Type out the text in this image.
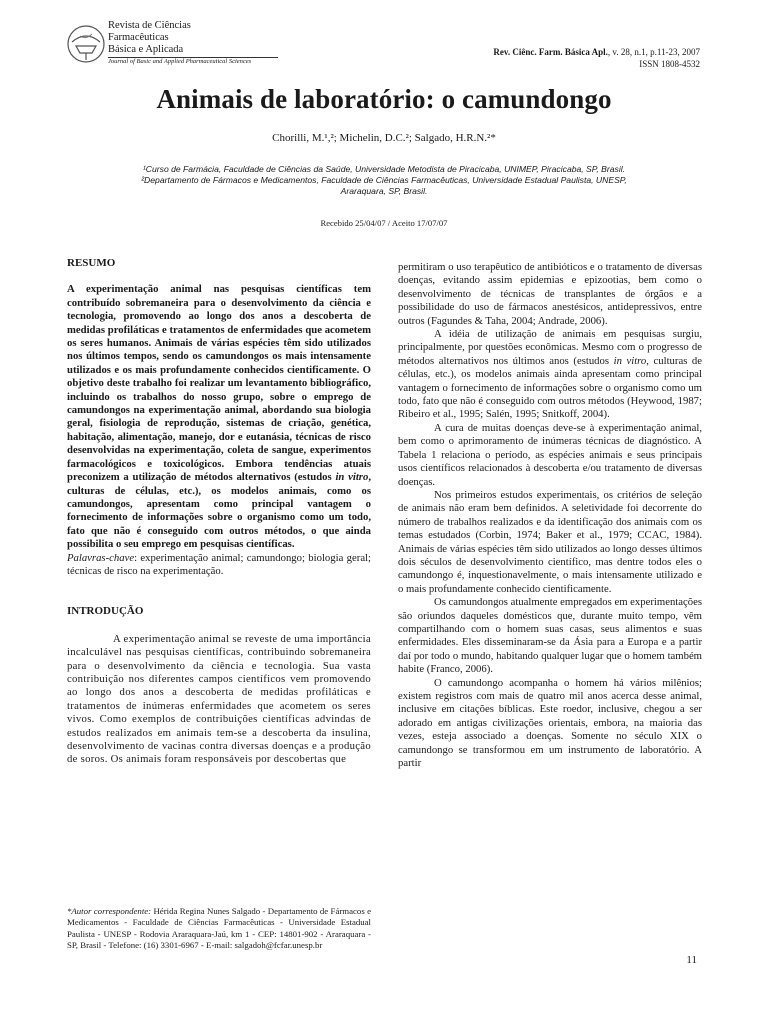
Revista de Ciências
Farmacêuticas
Básica e Aplicada
Journal of Basic and Applied Pharmaceutical Sciences
Rev. Ciênc. Farm. Básica Apl., v. 28, n.1, p.11-23, 2007
ISSN 1808-4532
Animais de laboratório: o camundongo
Chorilli, M.¹,²; Michelin, D.C.²; Salgado, H.R.N.²*
¹Curso de Farmácia, Faculdade de Ciências da Saúde, Universidade Metodista de Piracicaba, UNIMEP, Piracicaba, SP, Brasil.
²Departamento de Fármacos e Medicamentos, Faculdade de Ciências Farmacêuticas, Universidade Estadual Paulista, UNESP,
Araraquara, SP, Brasil.
Recebido 25/04/07 / Aceito 17/07/07
RESUMO

A experimentação animal nas pesquisas científicas tem contribuído sobremaneira para o desenvolvimento da ciência e tecnologia, promovendo ao longo dos anos a descoberta de medidas profiláticas e tratamentos de enfermidades que acometem os seres humanos. Animais de várias espécies têm sido utilizados nos últimos tempos, sendo os camundongos os mais intensamente utilizados e os mais profundamente conhecidos cientificamente. O objetivo deste trabalho foi realizar um levantamento bibliográfico, incluindo os trabalhos do nosso grupo, sobre o emprego de camundongos na experimentação animal, abordando sua biologia geral, fisiologia de reprodução, sistemas de criação, genética, habitação, alimentação, manejo, dor e eutanásia, técnicas de risco desenvolvidas na experimentação, coleta de sangue, experimentos farmacológicos e toxicológicos. Embora tendências atuais preconizem a utilização de métodos alternativos (estudos in vitro, culturas de células, etc.), os modelos animais, como os camundongos, apresentam como principal vantagem o fornecimento de informações sobre o organismo como um todo, fato que não é conseguido com outros métodos, o que ainda possibilita o seu emprego em pesquisas científicas.

Palavras-chave: experimentação animal; camundongo; biologia geral; técnicas de risco na experimentação.

INTRODUÇÃO

A experimentação animal se reveste de uma importância incalculável nas pesquisas científicas, contribuindo sobremaneira para o desenvolvimento da ciência e tecnologia. Sua vasta contribuição nos diferentes campos científicos vem promovendo ao longo dos anos a descoberta de medidas profiláticas e tratamentos de inúmeras enfermidades que acometem os seres vivos. Como exemplos de contribuições científicas advindas de estudos realizados em animais tem-se a descoberta da insulina, desenvolvimento de vacinas contra diversas doenças e a produção de soros. Os animais foram responsáveis por descobertas que

permitiram o uso terapêutico de antibióticos e o tratamento de diversas doenças, evitando assim epidemias e epizootias, bem como o desenvolvimento de técnicas de transplantes de órgãos e a possibilidade do uso de fármacos anestésicos, antidepressivos, entre outros (Fagundes & Taha, 2004; Andrade, 2006).

A idéia de utilização de animais em pesquisas surgiu, principalmente, por questões econômicas. Mesmo com o progresso de métodos alternativos nos últimos anos (estudos in vitro, culturas de células, etc.), os modelos animais ainda apresentam como principal vantagem o fornecimento de informações sobre o organismo como um todo, fato que não é conseguido com outros métodos (Heywood, 1987; Ribeiro et al., 1995; Salén, 1995; Snitkoff, 2004).

A cura de muitas doenças deve-se à experimentação animal, bem como o aprimoramento de inúmeras técnicas de diagnóstico. A Tabela 1 relaciona o período, as espécies animais e seus principais usos científicos relacionados à descoberta e/ou tratamento de diversas doenças.

Nos primeiros estudos experimentais, os critérios de seleção de animais não eram bem definidos. A seletividade foi decorrente do número de trabalhos realizados e da identificação dos animais com os temas estudados (Corbin, 1974; Baker et al., 1979; CCAC, 1984). Animais de várias espécies têm sido utilizados ao longo desses últimos dois séculos de desenvolvimento científico, mas dentre todos eles o camundongo é, inquestionavelmente, o mais intensamente utilizado e o mais profundamente conhecido cientificamente.

Os camundongos atualmente empregados em experimentações são oriundos daqueles domésticos que, durante muito tempo, vêm compartilhando com o homem suas casas, seus alimentos e suas enfermidades. Eles disseminaram-se da Ásia para a Europa e a partir daí por todo o mundo, habitando qualquer lugar que o homem também habite (Franco, 2006).

O camundongo acompanha o homem há vários milênios; existem registros com mais de quatro mil anos acerca desse animal, inclusive em citações bíblicas. Este roedor, inclusive, chegou a ser adorado em antigas civilizações orientais, embora, na maioria das vezes, esteja associado a doenças. Somente no século XIX o camundongo se transformou em um instrumento de laboratório. A partir

*Autor correspondente: Hérida Regina Nunes Salgado - Departamento de Fármacos e Medicamentos - Faculdade de Ciências Farmacêuticas - Universidade Estadual Paulista - UNESP - Rodovia Araraquara-Jaú, km 1 - CEP: 14801-902 - Araraquara - SP, Brasil - Telefone: (16) 3301-6967 - E-mail: salgadoh@fcfar.unesp.br
11
